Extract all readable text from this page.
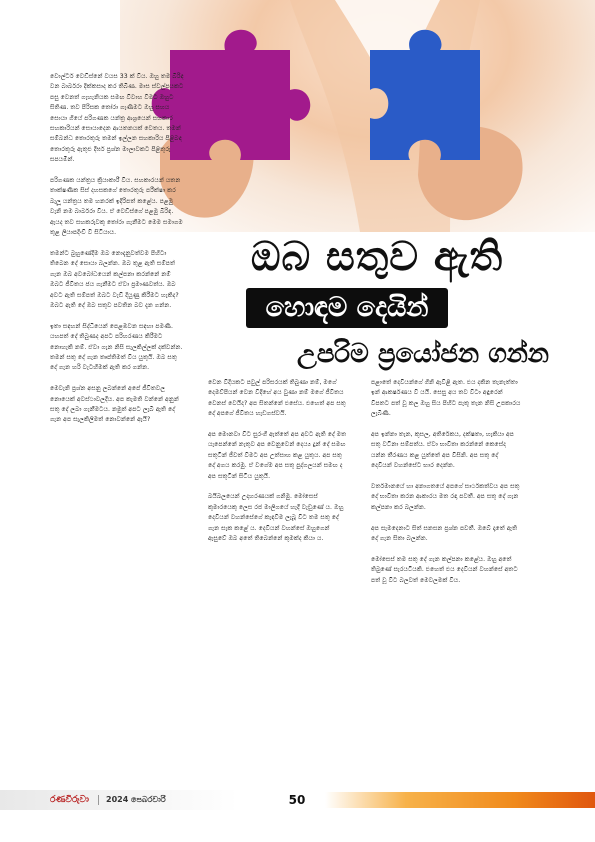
වොල්ටර් වෙඩිස්නේ වයස 33 ක් විය. ඔහු තම බිරිඳ වන බාර්බරා දික්කසාද කර තිබිණ. මාස ස්වල්පයකට පසු වෙනත් ගැහැනියක සමඟ විවාහ වීමට ඔහුට සිතිණ. තව පිරිසක තෝරා ගැණීමට ඔහු සහය සොයා ගියේ පරිගණක යන්ත්‍ර ආශ්‍රයෙන් සහකාර සහකාරියන් සොයාදෙන ආයතනයක් වෙතය. තමන් සම්බන්ධ තොරතුරු තමන් ඉල්ලන සහකාරිය පිළිබඳ තොරතුරු ඇතුළු දීර්ඝ ප්‍රශ්න මාලාවකට පිළිතුරු සපයමින්.

පරිගණක යන්ත්‍රය ක්‍රියාකාරී විය. සහකාරයන් යතන තාක්ෂණික සිස් දහසකගේ තොරතුරු පරීක්ෂා කර බැලූ යන්ත්‍රය තම හනරක් ඉදිරිපත් කළේය. පළමු වැනි නම බාර්බරා විය. ඒ වෙඩිස්ගේ පළමු බිරිඳ. ඇයද තව සහකරුවකු තෝරා ගැනීමට මෙම සමාගම තුළ ලියාපදිංචි වී සිටියාය.

තමන්ට බුහුණේදීම ඔබ නොදැනුවත්වම පිහිටා තිබෙන දේ සොයා බලන්න. ඔබ තුළ ඇති සම්පත් ගැන ඔබ අවබෝධයෙන් කල්පනා කරන්නේ නම් ඔබට ජීවිතය ජය ගැනීමට ඒවා ප්‍රමාණවත්ය. ඔබ අවට ඇති සම්පත් ඔබට වැඩි දියුණු කිරීමට හැකිද? ඔබට ඇති දේ ඔබ සතුව පවතින බව දැන ගන්න.

ඉතා සඳහන් සිද්ධියෙන් පෙළඹවන සඳහා පමණි. යහපත් දේ තිබුණද අපට පරිහරණය කිරීමට නොහැකි නම්. ඒවා ගැන නිසි සැලකිල්ලක් දක්වන්න. තමන් සතු දේ ගැන තෘප්තිමත් විය යුතුයි. ඔබ සතු දේ ගැන හරි වැටහීමක් ඇති කර ගන්න.

මෙවැනි ප්‍රශ්න අසනු ලබන්නේ අපේ ජීවිතවල නොයෙක් අවස්ථාවලදීය. අප කැමති වන්නේ අනුන් සතු දේ ලබා ගැනීමටය. නමුත් අපට ලැබී ඇති දේ ගැන අප සැලකිලිමත් නොවන්නේ ඇයි?
ඔබ සතුව ඇති
හොඳම දෙයින්
උපරිම ප්‍රයෝජන ගන්න
වෙන විදියකට පවුල් පරිසරයක් තිබුණා නම්, මගේ දෙමව්පියන් වෙන විදිහේ අය වුණා නම් මගේ ජීවිතය වෙනස් වෙයිද? අප සිතන්නේ එසේය. එහෙත් අප සතු දේ අපගේ ජීවිතය හැඩගස්වයි.

අප මොනවා විට සුරංගී ඇත්තේ අප අවට ඇති දේ මත යැපෙන්නේ නැතුව අප වෙනුවෙන් දෙය්‍ය දුන් දේ සමඟ සතුටින් ජීවත් වීමට අප උත්සාහ කළ යුතුය. අප සතු දේ අගය කරමු. ඒ වගේම අප සතු පුද්ගලයන් සමඟ ද අප සතුටින් සිටිය යුතුයි.

බයිබලයෙන් උදාහරණයක් ගනිමු. මෝසෙස් කුමාරයෙකු ලෙස රජ මාලිගයේ හැදී වැඩුණේ ය. ඔහු දෙවියන් වහන්සේගේ කැඳවීම ලැබූ විට තම සතු දේ ගැන සැක කළේ ය. දෙවියන් වහන්සේ ඔහුගෙන් ඇසුවේ ඔබ අතේ තිබෙන්නේ කුමක්ද කියා ය.
පළාතේ දෙවියන්ගේ ගිනි ඇවිළී ඇත. එය දකින තැනැත්තා ඉන් ආකර්ෂණය වී යයි. සෙසු අය තව විටා අඳුරෙන් විපතට පත් වූ කල ඔහු සිය පිහිට පැතූ තැන නිසි උපකාරය ලැබිණි.

අප ඉන්නා තැන, කුසල, අතිරේකය, දක්ෂතා, හැකියා අප සතු වටිනා සම්පත්ය. ඒවා භාවිතා කරන්නේ කෙසේද යන්න තීරණය කළ යුත්තේ අප විසිනි. අප සතු දේ දෙවියන් වහන්සේට භාර දෙන්න.

වර්තමානයේ හා අනාගතයේ අපගේ සාර්ථකත්වය අප සතු දේ භාවිතා කරන ආකාරය මත රඳා පවතී. අප සතු දේ ගැන කල්පනා කර බලන්න.

අප සැමදෙනාට සිත් සනසන ප්‍රශ්න පවතී. ඔබේ දෑතේ ඇති දේ ගැන සිතා බලන්න.

මෝසෙස් තම සතු දේ ගැන කල්පනා කළේය. ඔහු අතේ තිබුණේ සැරයටියකි. එහෙත් එය දෙවියන් වහන්සේ අතට පත් වූ විට බලවත් මෙවලමක් විය.
රණවිරුවා 2024 පෙබරවාරි	50
